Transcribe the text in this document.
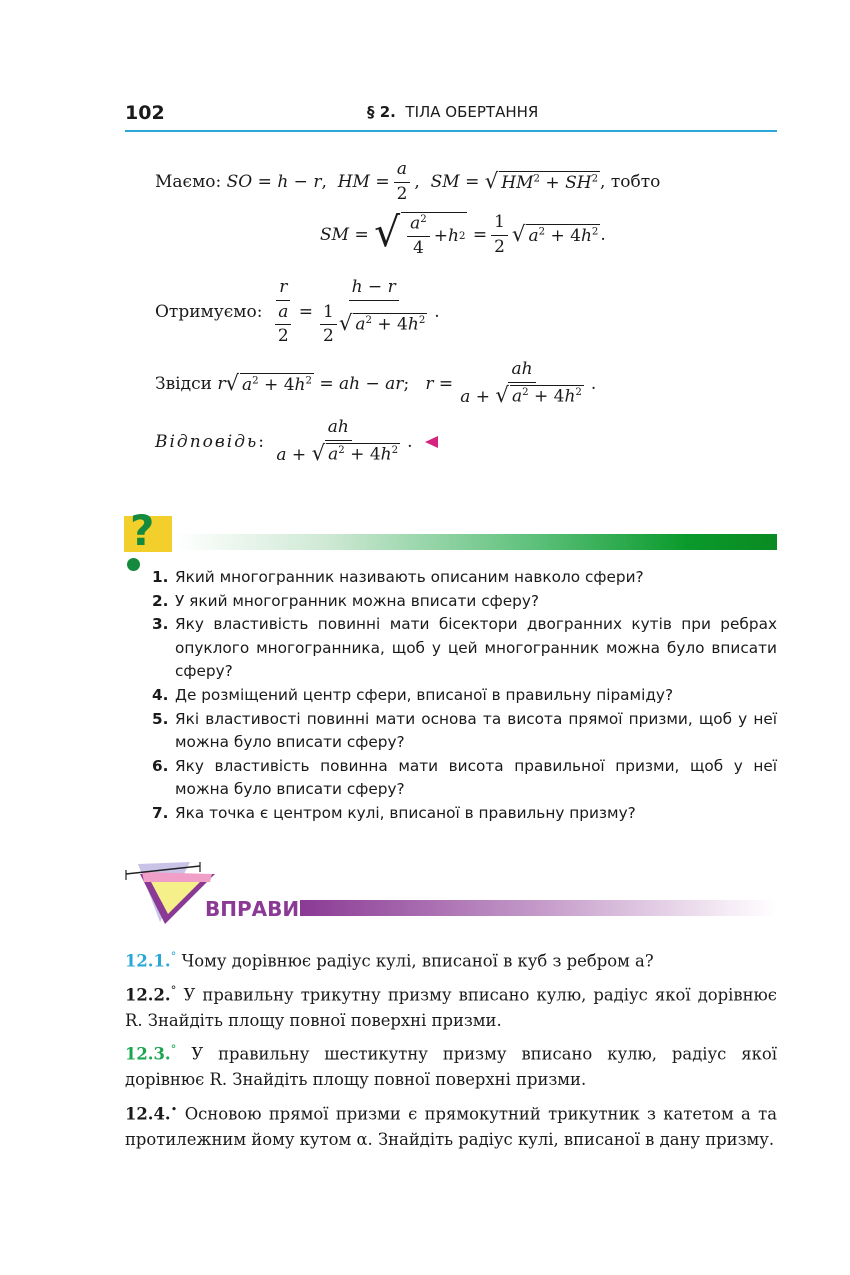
102	§ 2. ТІЛА ОБЕРТАННЯ
Маємо:
SO = h − r , HM = $\frac{a}{2}$ , SM = √ $HM^2 + SH^2$ , тобто
SM = √ $\frac{a^2}{4} + h$ $2 = \frac{1}{2}$ √ $a^2 + 4h^2$ .
Отримуємо:
$\frac{r}{\frac{a}{2}} = \frac{h - r}{\frac{1}{2} √ a^2 + 4h^2}$ .
Звідси
r √ $a^2 + 4h^2$ = ah − ar ; $r = \frac{ah}{a + √ a^2 + 4h^2}$ .
Відповідь : $\frac{ah}{a + √ a^2 + 4h^2}$ .
?
1. Який многогранник називають описаним навколо сфери?
2. У який многогранник можна вписати сферу?
3. Яку властивість повинні мати бісектори двогранних кутів при ребрах опуклого многогранника, щоб у цей многогранник можна було вписати сферу?
4. Де розміщений центр сфери, вписаної в правильну піраміду?
5. Які властивості повинні мати основа та висота прямої призми, щоб у неї можна було вписати сферу?
6. Яку властивість повинна мати висота правильної призми, щоб у неї можна було вписати сферу?
7. Яка точка є центром кулі, вписаної в правильну призму?
ВПРАВИ
12.1.° Чому дорівнює радіус кулі, вписаної в куб з ребром a?
12.2.° У правильну трикутну призму вписано кулю, радіус якої дорівнює R. Знайдіть площу повної поверхні призми.
12.3.° У правильну шестикутну призму вписано кулю, радіус якої дорівнює R. Знайдіть площу повної поверхні призми.
12.4.• Основою прямої призми є прямокутний трикутник з катетом a та протилежним йому кутом α. Знайдіть радіус кулі, вписаної в дану призму.
